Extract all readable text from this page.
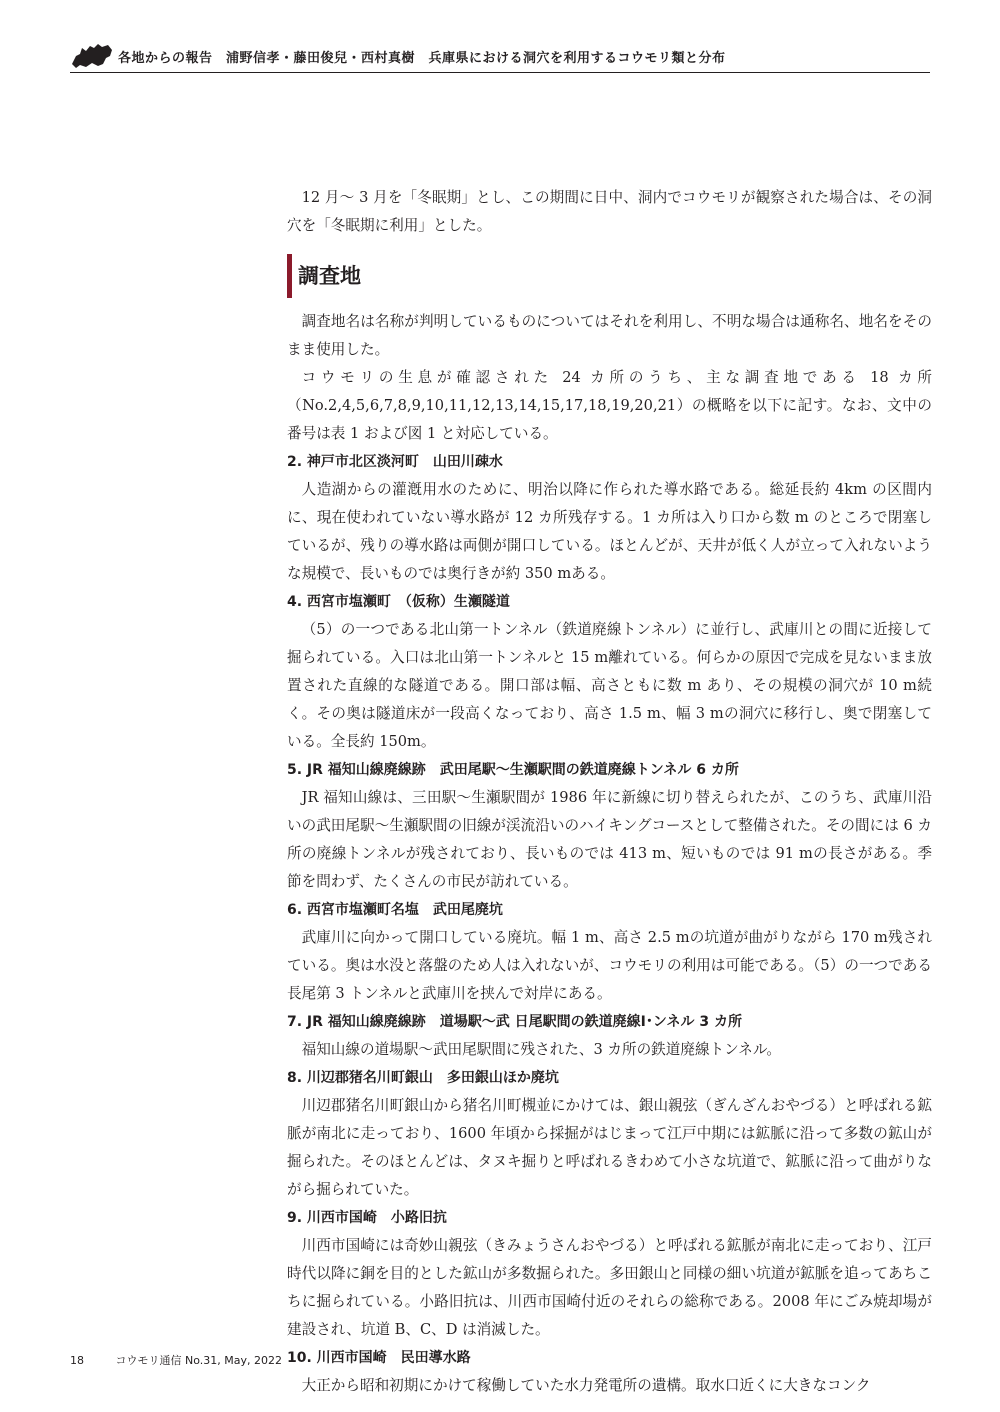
各地からの報告　浦野信孝・藤田俊兒・西村真樹　兵庫県における洞穴を利用するコウモリ類と分布

12 月〜 3 月を「冬眠期」とし、この期間に日中、洞内でコウモリが観察された場合は、その洞穴を「冬眠期に利用」とした。

調査地

調査地名は名称が判明しているものについてはそれを利用し、不明な場合は通称名、地名をそのまま使用した。

コウモリの生息が確認された 24 カ所のうち、主な調査地である 18 カ所（No.2,4,5,6,7,8,9,10,11,12,13,14,15,17,18,19,20,21）の概略を以下に記す。なお、文中の番号は表 1 および図 1 と対応している。

2. 神戸市北区淡河町　山田川疎水

人造湖からの灌漑用水のために、明治以降に作られた導水路である。総延長約 4km の区間内に、現在使われていない導水路が 12 カ所残存する。1 カ所は入り口から数 m のところで閉塞しているが、残りの導水路は両側が開口している。ほとんどが、天井が低く人が立って入れないような規模で、長いものでは奥行きが約 350 mある。

4. 西宮市塩瀬町　（仮称）生瀬隧道

（5）の一つである北山第一トンネル（鉄道廃線トンネル）に並行し、武庫川との間に近接して掘られている。入口は北山第一トンネルと 15 m離れている。何らかの原因で完成を見ないまま放置された直線的な隧道である。開口部は幅、高さともに数 m あり、その規模の洞穴が 10 m続く。その奥は隧道床が一段高くなっており、高さ 1.5 m、幅 3 mの洞穴に移行し、奥で閉塞している。全長約 150m。

5. JR 福知山線廃線跡　武田尾駅〜生瀬駅間の鉄道廃線トンネル 6 カ所

JR 福知山線は、三田駅〜生瀬駅間が 1986 年に新線に切り替えられたが、このうち、武庫川沿いの武田尾駅〜生瀬駅間の旧線が渓流沿いのハイキングコースとして整備された。その間には 6 カ所の廃線トンネルが残されており、長いものでは 413 m、短いものでは 91 mの長さがある。季節を問わず、たくさんの市民が訪れている。

6. 西宮市塩瀬町名塩　武田尾廃坑

武庫川に向かって開口している廃坑。幅 1 m、高さ 2.5 mの坑道が曲がりながら 170 m残されている。奥は水没と落盤のため人は入れないが、コウモリの利用は可能である。（5）の一つである長尾第 3 トンネルと武庫川を挟んで対岸にある。

7. JR 福知山線廃線跡　道場駅〜武 日尾駅間の鉄道廃線Ⅰ･ンネル 3 カ所

福知山線の道場駅〜武田尾駅間に残された、3 カ所の鉄道廃線トンネル。

8. 川辺郡猪名川町銀山　多田銀山ほか廃坑

川辺郡猪名川町銀山から猪名川町槻並にかけては、銀山親弦（ぎんざんおやづる）と呼ばれる鉱脈が南北に走っており、1600 年頃から採掘がはじまって江戸中期には鉱脈に沿って多数の鉱山が掘られた。そのほとんどは、タヌキ掘りと呼ばれるきわめて小さな坑道で、鉱脈に沿って曲がりながら掘られていた。

9. 川西市国崎　小路旧抗

川西市国崎には奇妙山親弦（きみょうさんおやづる）と呼ばれる鉱脈が南北に走っており、江戸時代以降に銅を目的とした鉱山が多数掘られた。多田銀山と同様の細い坑道が鉱脈を追ってあちこちに掘られている。小路旧抗は、川西市国崎付近のそれらの総称である。2008 年にごみ焼却場が建設され、坑道 B、C、D は消滅した。

10. 川西市国崎　民田導水路

大正から昭和初期にかけて稼働していた水力発電所の遺構。取水口近くに大きなコンク

18	コウモリ通信 No.31, May, 2022
